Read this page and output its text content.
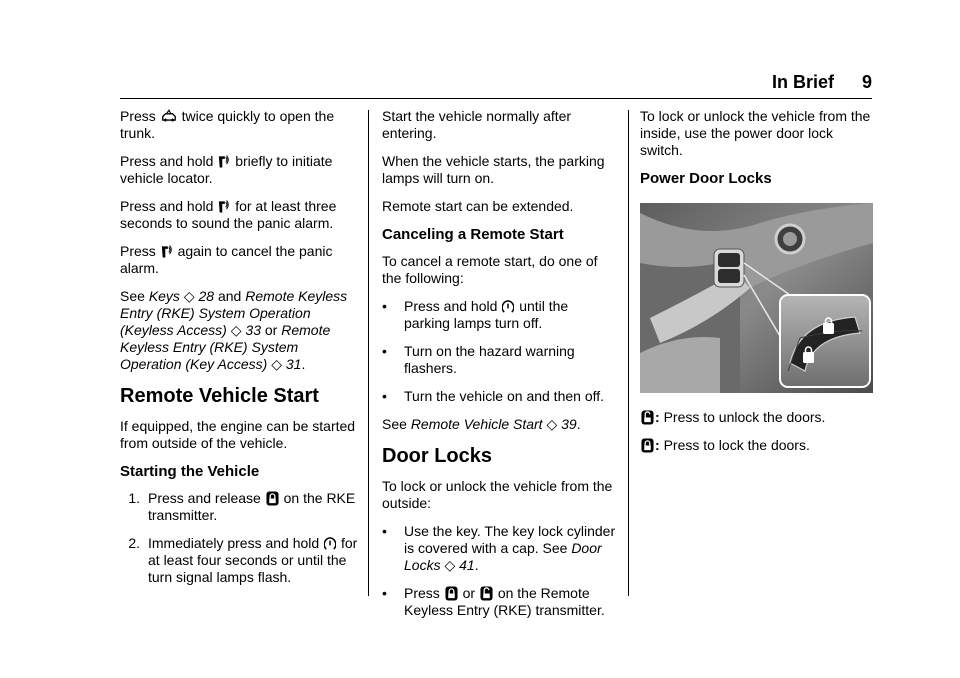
In Brief 9

Press twice quickly to open the trunk.

Press and hold briefly to initiate vehicle locator.

Press and hold for at least three seconds to sound the panic alarm.

Press again to cancel the panic alarm.

See Keys ◇ 28 and Remote Keyless Entry (RKE) System Operation (Keyless Access) ◇ 33 or Remote Keyless Entry (RKE) System Operation (Key Access) ◇ 31.

Remote Vehicle Start

If equipped, the engine can be started from outside of the vehicle.

Starting the Vehicle
1. Press and release on the RKE transmitter.
2. Immediately press and hold for at least four seconds or until the turn signal lamps flash.

Start the vehicle normally after entering.

When the vehicle starts, the parking lamps will turn on.

Remote start can be extended.

Canceling a Remote Start

To cancel a remote start, do one of the following:

•	Press and hold until the parking lamps turn off.
•	Turn on the hazard warning flashers.
•	Turn the vehicle on and then off.

See Remote Vehicle Start ◇ 39.

Door Locks

To lock or unlock the vehicle from the outside:

•	Use the key. The key lock cylinder is covered with a cap. See Door Locks ◇ 41.
•	Press or on the Remote Keyless Entry (RKE) transmitter.

To lock or unlock the vehicle from the inside, use the power door lock switch.

Power Door Locks

: Press to unlock the doors.

: Press to lock the doors.
